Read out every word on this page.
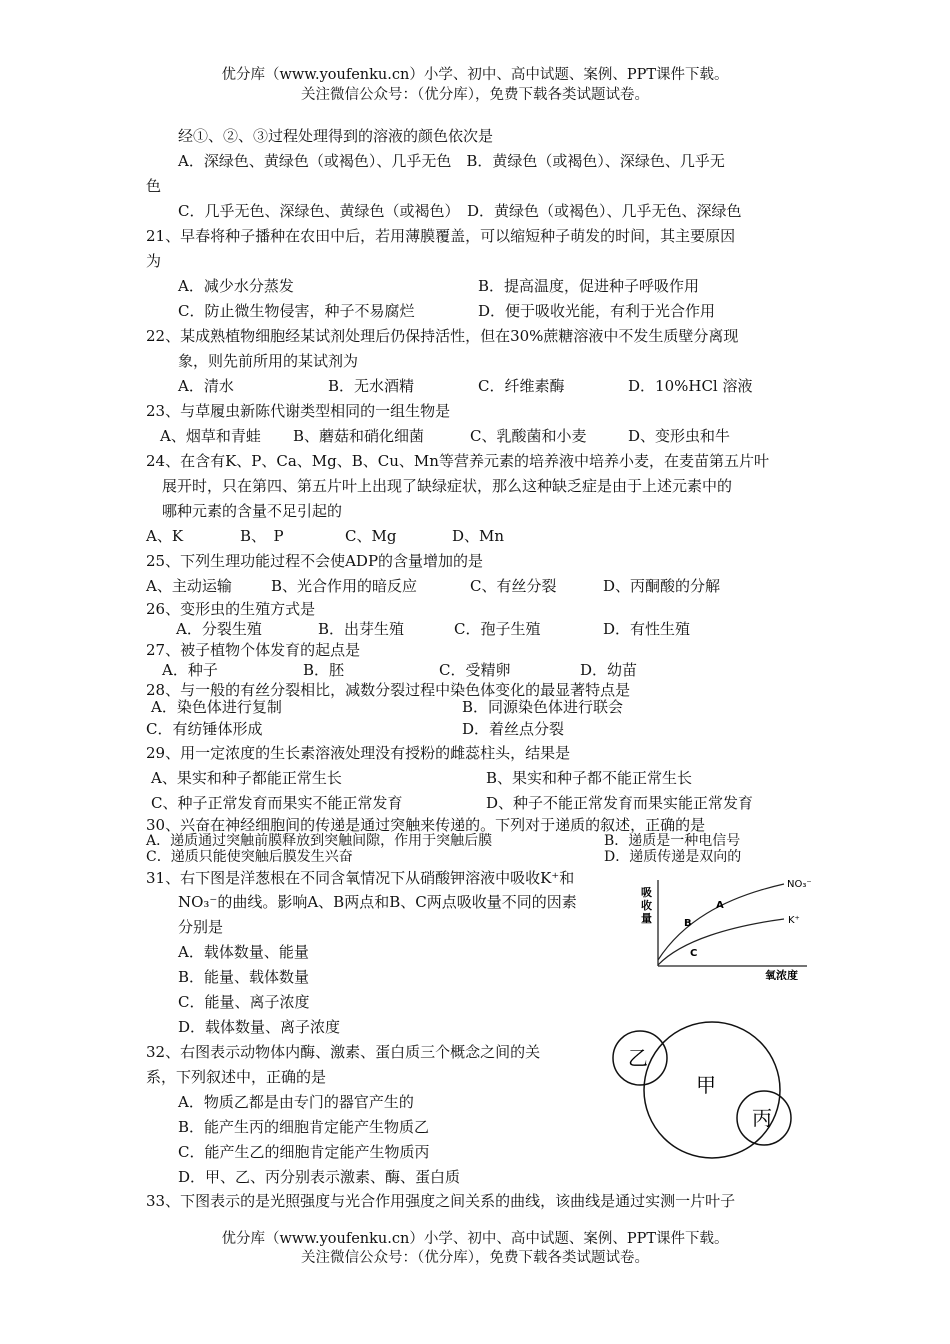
优分库（www.youfenku.cn）小学、初中、高中试题、案例、PPT课件下载。
关注微信公众号：（优分库），免费下载各类试题试卷。
经①、②、③过程处理得到的溶液的颜色依次是
A．深绿色、黄绿色（或褐色）、几乎无色　B．黄绿色（或褐色）、深绿色、几乎无
色
C．几乎无色、深绿色、黄绿色（或褐色）　D．黄绿色（或褐色）、几乎无色、深绿色
21、早春将种子播种在农田中后，若用薄膜覆盖，可以缩短种子萌发的时间，其主要原因
为
A．减少水分蒸发	B．提高温度，促进种子呼吸作用
C．防止微生物侵害，种子不易腐烂	D．便于吸收光能，有利于光合作用
22、某成熟植物细胞经某试剂处理后仍保持活性，但在30%蔗糖溶液中不发生质壁分离现
象，则先前所用的某试剂为
A．清水	B．无水酒精	C．纤维素酶	D．10%HCl 溶液
23、与草履虫新陈代谢类型相同的一组生物是
A、烟草和青蛙 B、蘑菇和硝化细菌	C、乳酸菌和小麦	D、变形虫和牛
24、在含有K、P、Ca、Mg、B、Cu、Mn等营养元素的培养液中培养小麦，在麦苗第五片叶
展开时，只在第四、第五片叶上出现了缺绿症状，那么这种缺乏症是由于上述元素中的
哪种元素的含量不足引起的
A、K	B、　P	C、Mg	D、Mn
25、下列生理功能过程不会使ADP的含量增加的是
A、主动运输	B、光合作用的暗反应	C、有丝分裂	D、丙酮酸的分解
26、变形虫的生殖方式是
A．分裂生殖	B．出芽生殖	C．孢子生殖	D．有性生殖
27、被子植物个体发育的起点是
A．种子	B．胚	C．受精卵	D．幼苗
28、与一般的有丝分裂相比，减数分裂过程中染色体变化的最显著特点是
A．染色体进行复制	B．同源染色体进行联会
C．有纺锤体形成	D．着丝点分裂
29、用一定浓度的生长素溶液处理没有授粉的雌蕊柱头，结果是
A、果实和种子都能正常生长	B、果实和种子都不能正常生长
C、种子正常发育而果实不能正常发育	D、种子不能正常发育而果实能正常发育
30、兴奋在神经细胞间的传递是通过突触来传递的。下列对于递质的叙述，正确的是
A．递质通过突触前膜释放到突触间隙，作用于突触后膜	B．递质是一种电信号
C．递质只能使突触后膜发生兴奋	D．递质传递是双向的
31、右下图是洋葱根在不同含氧情况下从硝酸钾溶液中吸收K⁺和
NO₃⁻的曲线。影响A、B两点和B、C两点吸收量不同的因素
分别是
A．载体数量、能量
B．能量、载体数量
C．能量、离子浓度
D．载体数量、离子浓度
吸
收
量
NO₃⁻
K⁺
A
B
C
氧浓度
32、右图表示动物体内酶、激素、蛋白质三个概念之间的关
系，下列叙述中，正确的是
A．物质乙都是由专门的器官产生的
B．能产生丙的细胞肯定能产生物质乙
C．能产生乙的细胞肯定能产生物质丙
D．甲、乙、丙分别表示激素、酶、蛋白质
甲
乙
丙
33、下图表示的是光照强度与光合作用强度之间关系的曲线，该曲线是通过实测一片叶子
优分库（www.youfenku.cn）小学、初中、高中试题、案例、PPT课件下载。
关注微信公众号：（优分库），免费下载各类试题试卷。
